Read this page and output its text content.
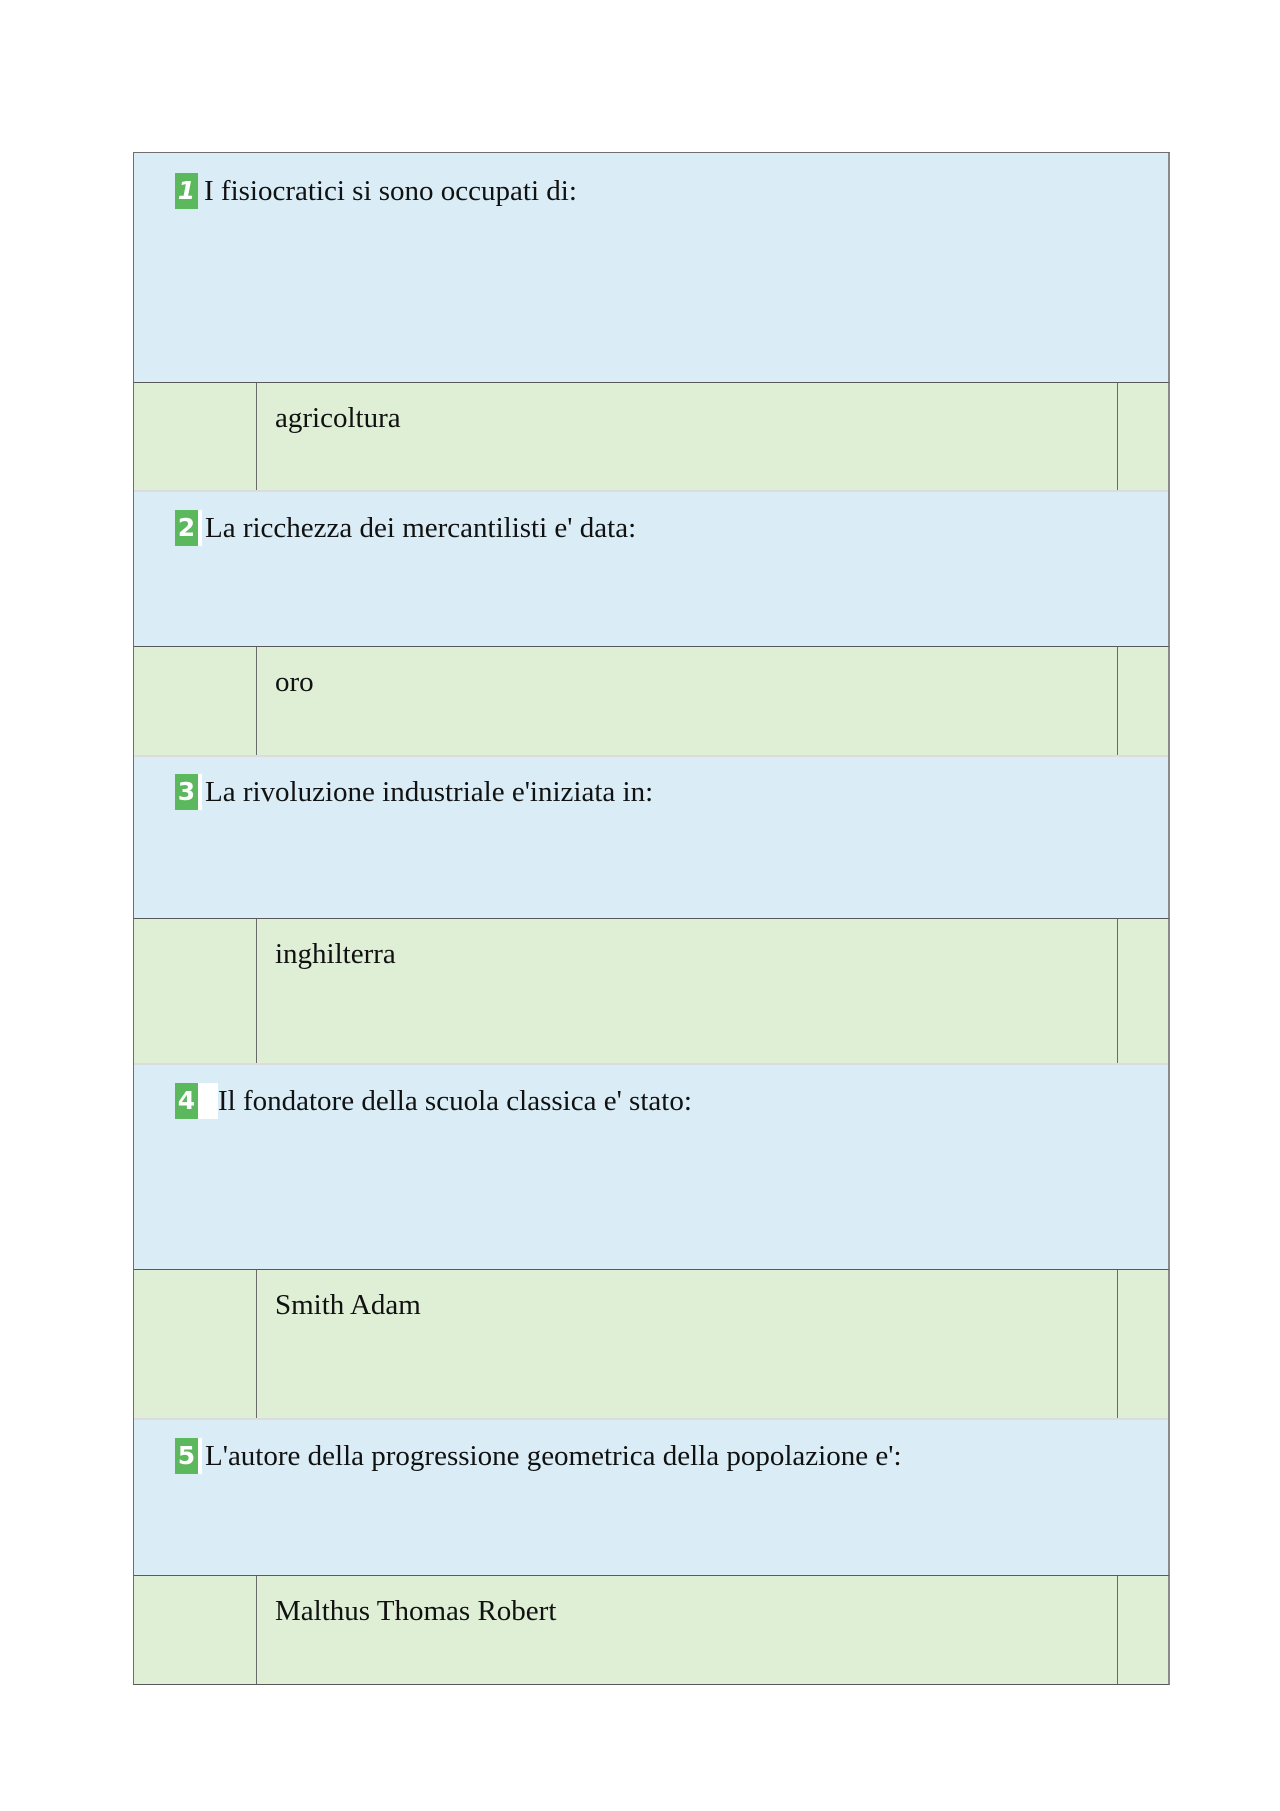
1 I fisiocratici si sono occupati di:
agricoltura
2 La ricchezza dei mercantilisti e' data:
oro
3 La rivoluzione industriale e'iniziata in:
inghilterra
4 Il fondatore della scuola classica e' stato:
Smith Adam
5 L'autore della progressione geometrica della popolazione e':
Malthus Thomas Robert
